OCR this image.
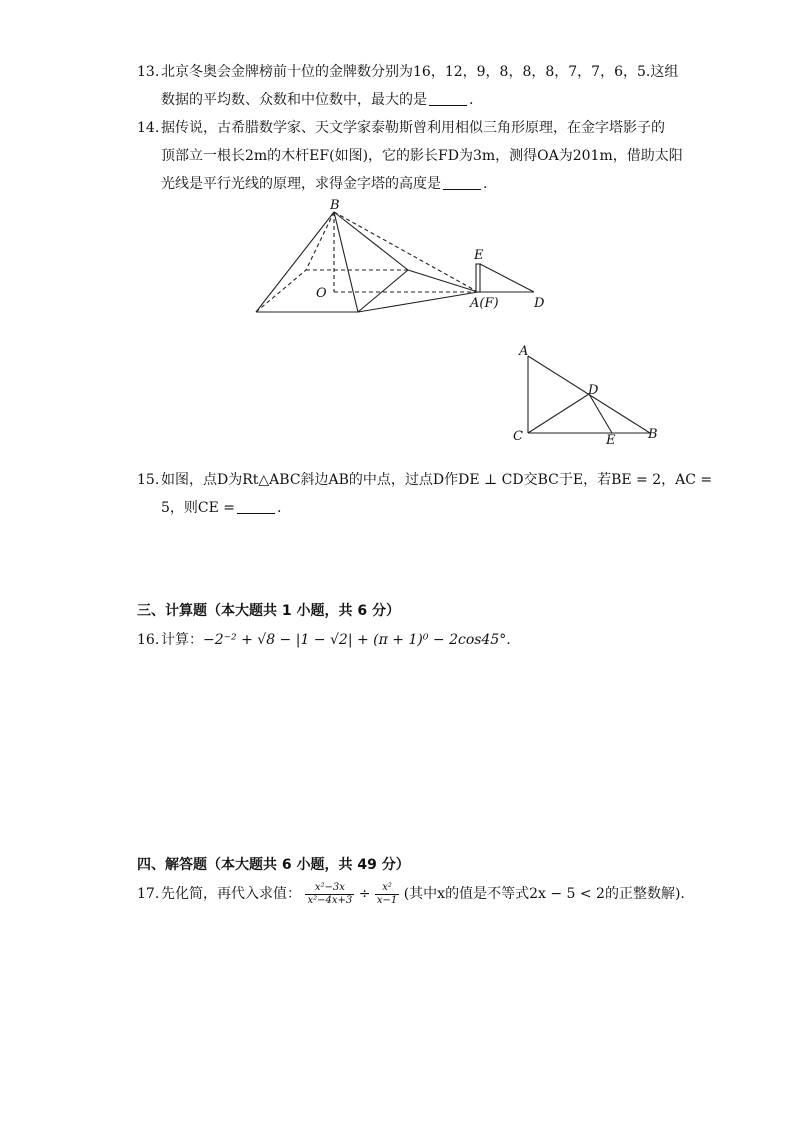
13. 北京冬奥会金牌榜前十位的金牌数分别为16，12，9，8，8，8，7，7，6，5.这组
数据的平均数、众数和中位数中，最大的是	.
14. 据传说，古希腊数学家、天文学家泰勒斯曾利用相似三角形原理，在金字塔影子的
顶部立一根长2m的木杆EF(如图)，它的影长FD为3m，测得OA为201m，借助太阳
光线是平行光线的原理，求得金字塔的高度是	.
B
E
O
A(F)	D
A
D
C	E	B
15. 如图，点D为Rt△ABC斜边AB的中点，过点D作DE ⊥ CD交BC于E，若BE = 2，AC =
5，则CE =	.
三、计算题（本大题共 1 小题，共 6 分）
16. 计算：−2⁻² + √8 − |1 − √2| + (π + 1)⁰ − 2cos45°.
四、解答题（本大题共 6 小题，共 49 分）
17. 先化简，再代入求值： $\frac{\text{x²−3x}}{\text{x²−4x+3}} \div \frac{\text{x²}}{x-1}$ (其中x的值是不等式2x − 5 < 2的正整数解).
